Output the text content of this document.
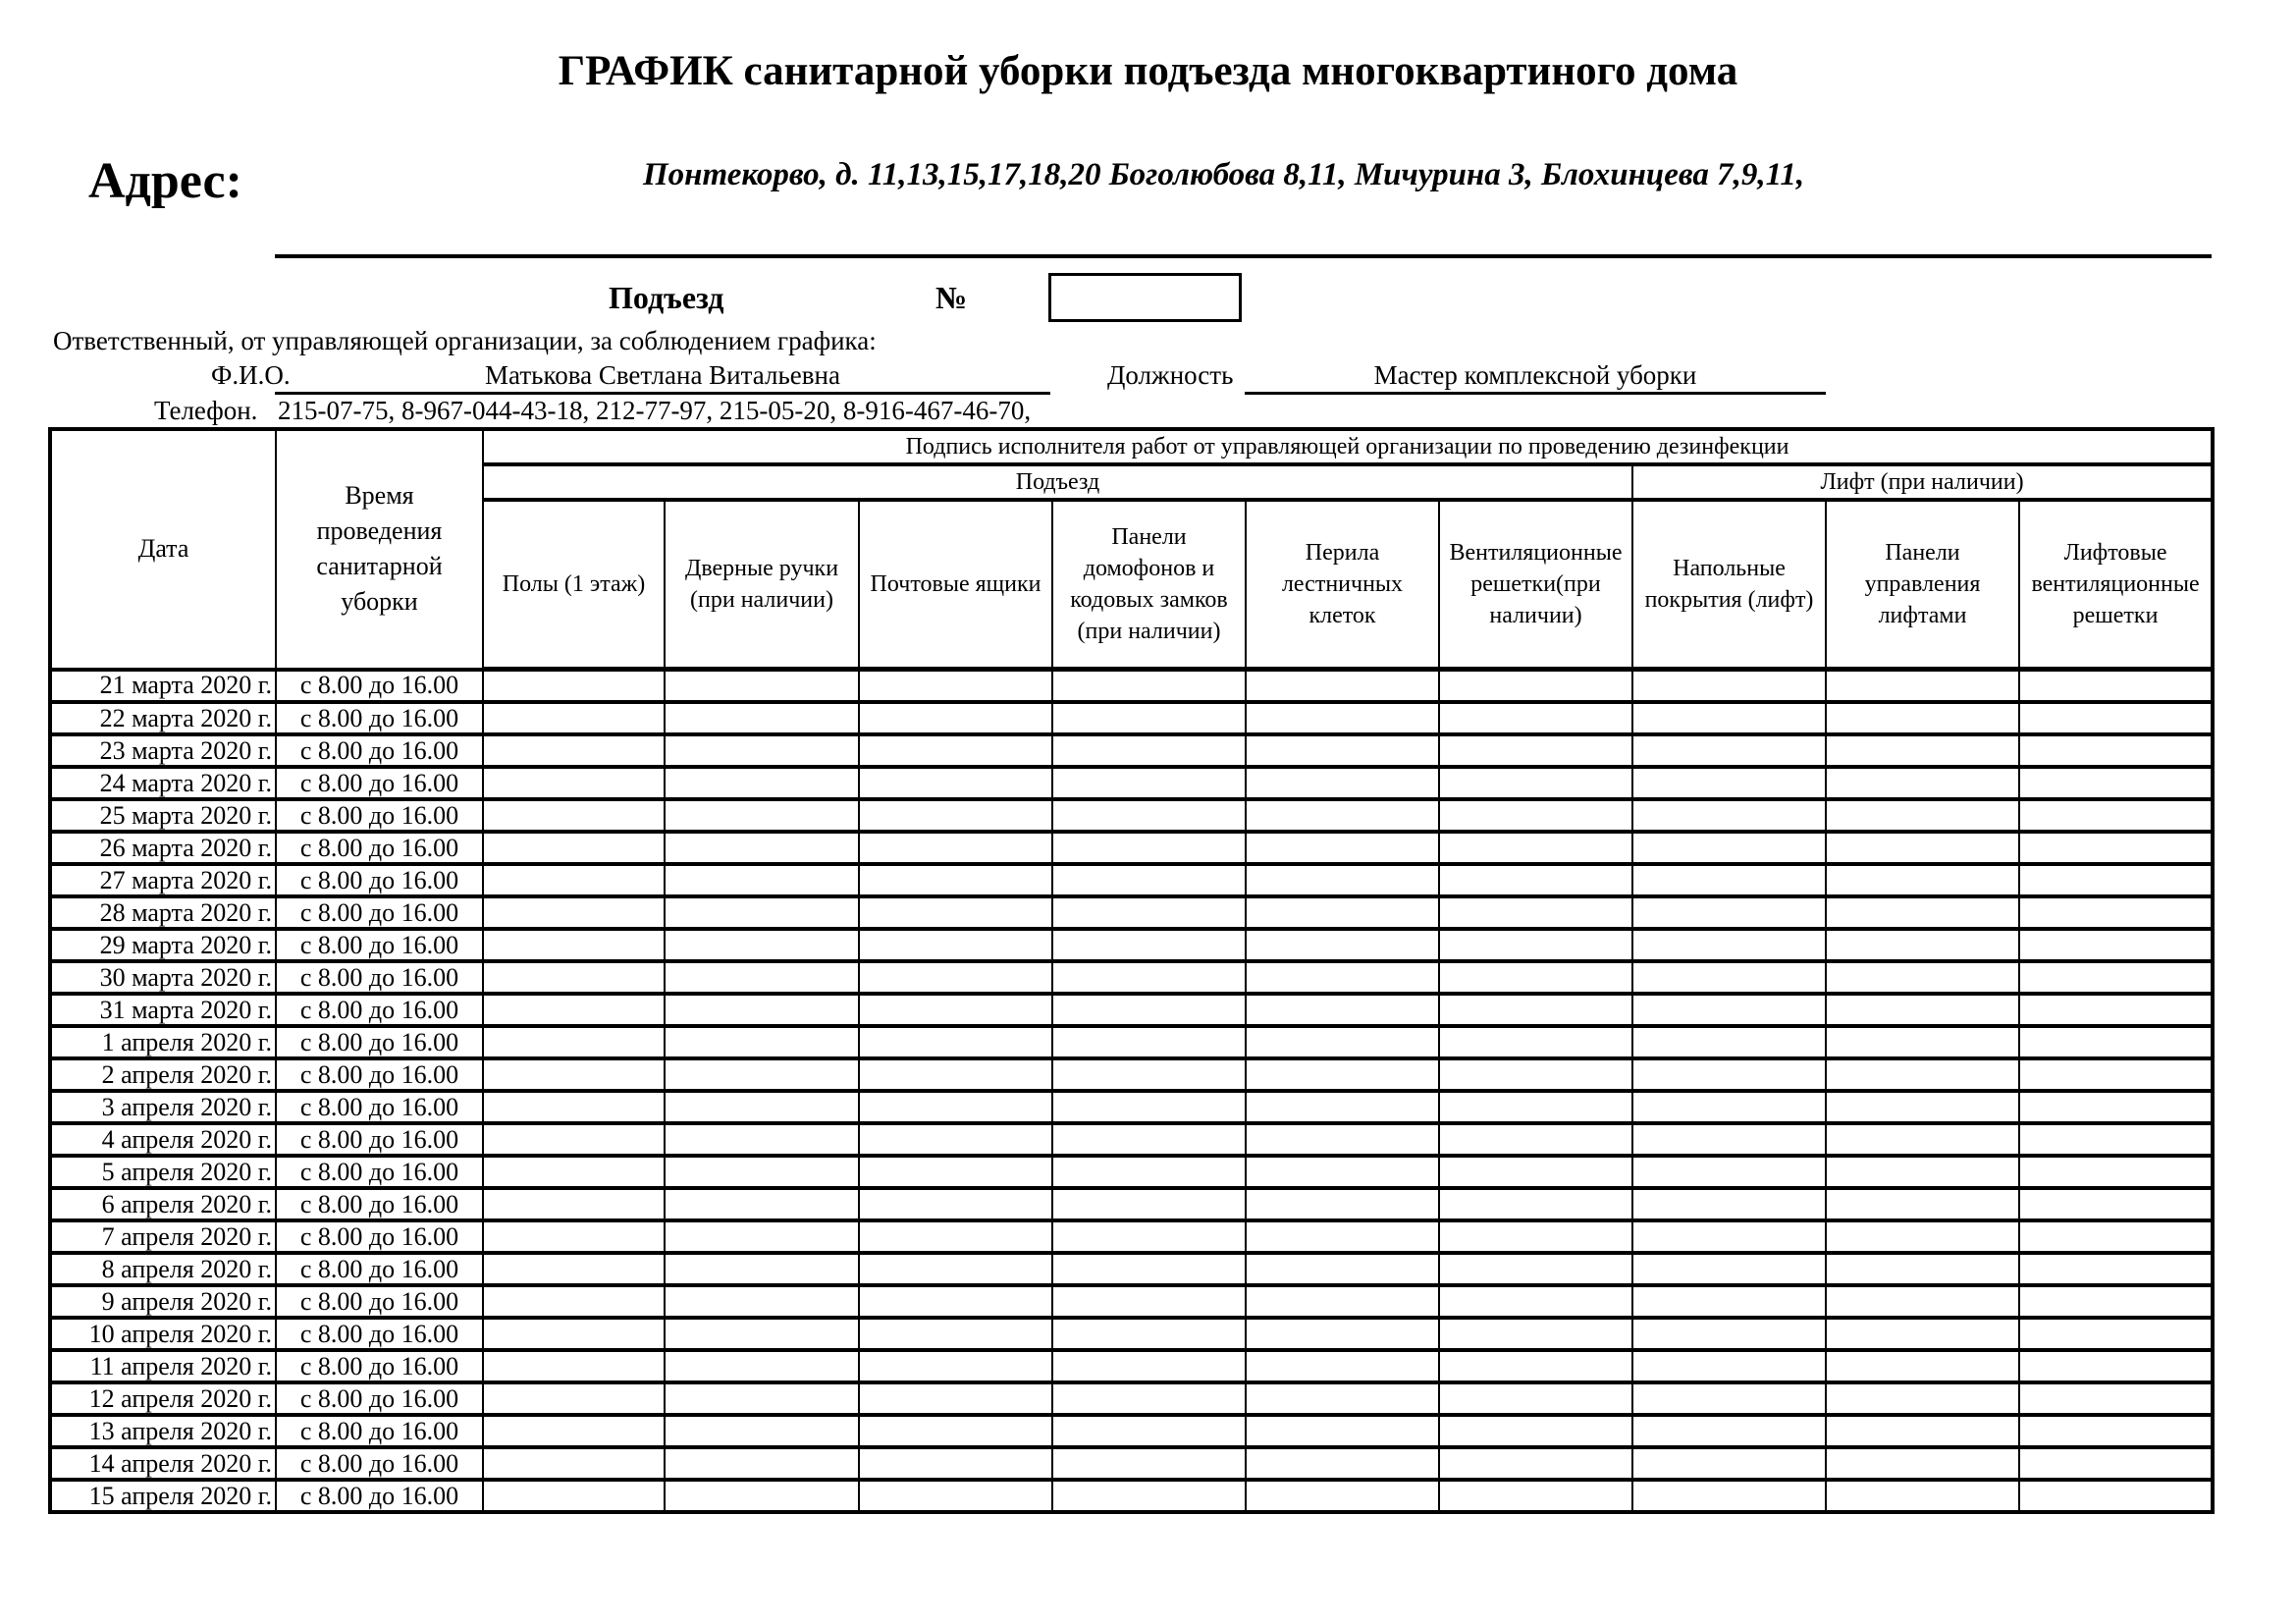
ГРАФИК санитарной уборки подъезда многоквартиного дома
Адрес:	Понтекорво, д. 11,13,15,17,18,20 Боголюбова 8,11, Мичурина 3, Блохинцева 7,9,11,
Подъезд	№
Ответственный, от управляющей организации, за соблюдением графика:
Ф.И.О.	Матькова Светлана Витальевна	Должность	Мастер комплексной уборки
Телефон. 215-07-75, 8-967-044-43-18, 212-77-97, 215-05-20, 8-916-467-46-70,
Дата	Время проведения санитарной уборки	Подпись исполнителя работ от управляющей организации по проведению дезинфекции								
		Подъезд						Лифт (при наличии)		
		Полы (1 этаж)	Дверные ручки (при наличии)	Почтовые ящики	Панели домофонов и кодовых замков (при наличии)	Перила лестничных клеток	Вентиляционные решетки(при наличии)	Напольные покрытия (лифт)	Панели управления лифтами	Лифтовые вентиляционные решетки
21 марта 2020 г.	с 8.00 до 16.00									
22 марта 2020 г.	с 8.00 до 16.00									
23 марта 2020 г.	с 8.00 до 16.00									
24 марта 2020 г.	с 8.00 до 16.00									
25 марта 2020 г.	с 8.00 до 16.00									
26 марта 2020 г.	с 8.00 до 16.00									
27 марта 2020 г.	с 8.00 до 16.00									
28 марта 2020 г.	с 8.00 до 16.00									
29 марта 2020 г.	с 8.00 до 16.00									
30 марта 2020 г.	с 8.00 до 16.00									
31 марта 2020 г.	с 8.00 до 16.00									
1 апреля 2020 г.	с 8.00 до 16.00									
2 апреля 2020 г.	с 8.00 до 16.00									
3 апреля 2020 г.	с 8.00 до 16.00									
4 апреля 2020 г.	с 8.00 до 16.00									
5 апреля 2020 г.	с 8.00 до 16.00									
6 апреля 2020 г.	с 8.00 до 16.00									
7 апреля 2020 г.	с 8.00 до 16.00									
8 апреля 2020 г.	с 8.00 до 16.00									
9 апреля 2020 г.	с 8.00 до 16.00									
10 апреля 2020 г.	с 8.00 до 16.00									
11 апреля 2020 г.	с 8.00 до 16.00									
12 апреля 2020 г.	с 8.00 до 16.00									
13 апреля 2020 г.	с 8.00 до 16.00									
14 апреля 2020 г.	с 8.00 до 16.00									
15 апреля 2020 г.	с 8.00 до 16.00									
